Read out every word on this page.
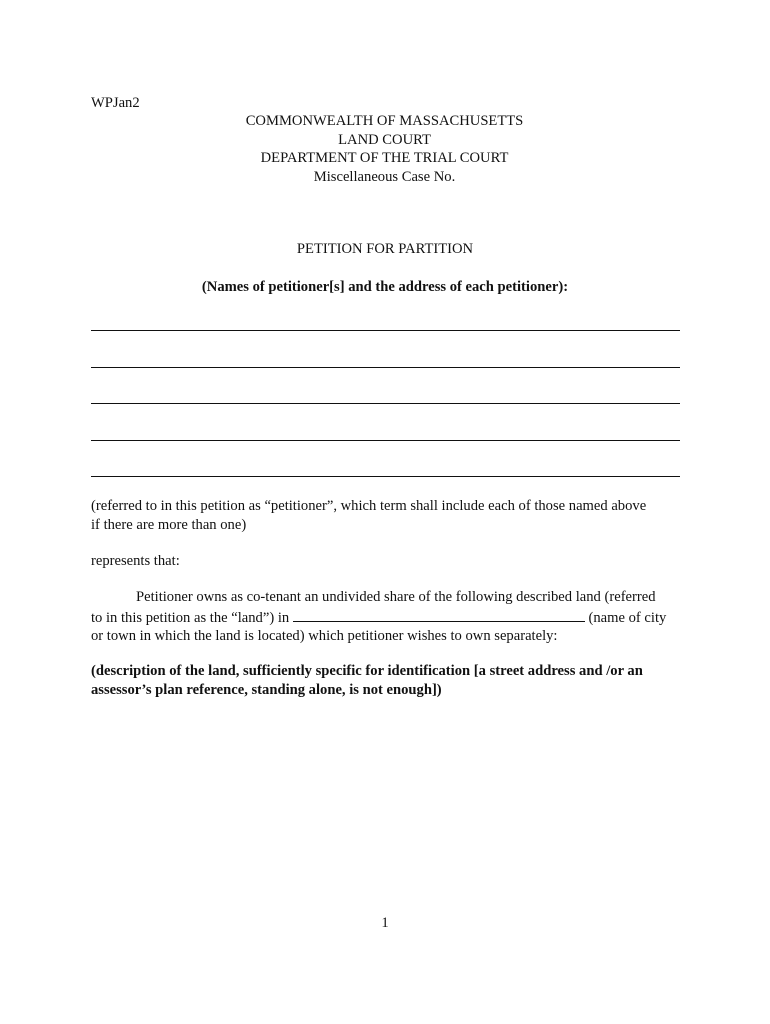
WPJan2
COMMONWEALTH OF MASSACHUSETTS
LAND COURT
DEPARTMENT OF THE TRIAL COURT
Miscellaneous Case No.
PETITION FOR PARTITION
(Names of petitioner[s] and the address of each petitioner):

(referred to in this petition as “petitioner”, which term shall include each of those named above
if there are more than one)

represents that:

Petitioner owns as co-tenant an undivided share of the following described land (referred
to in this petition as the “land”) in	(name of city
or town in which the land is located) which petitioner wishes to own separately:

(description of the land, sufficiently specific for identification [a street address and /or an
assessor’s plan reference, standing alone, is not enough])

1
